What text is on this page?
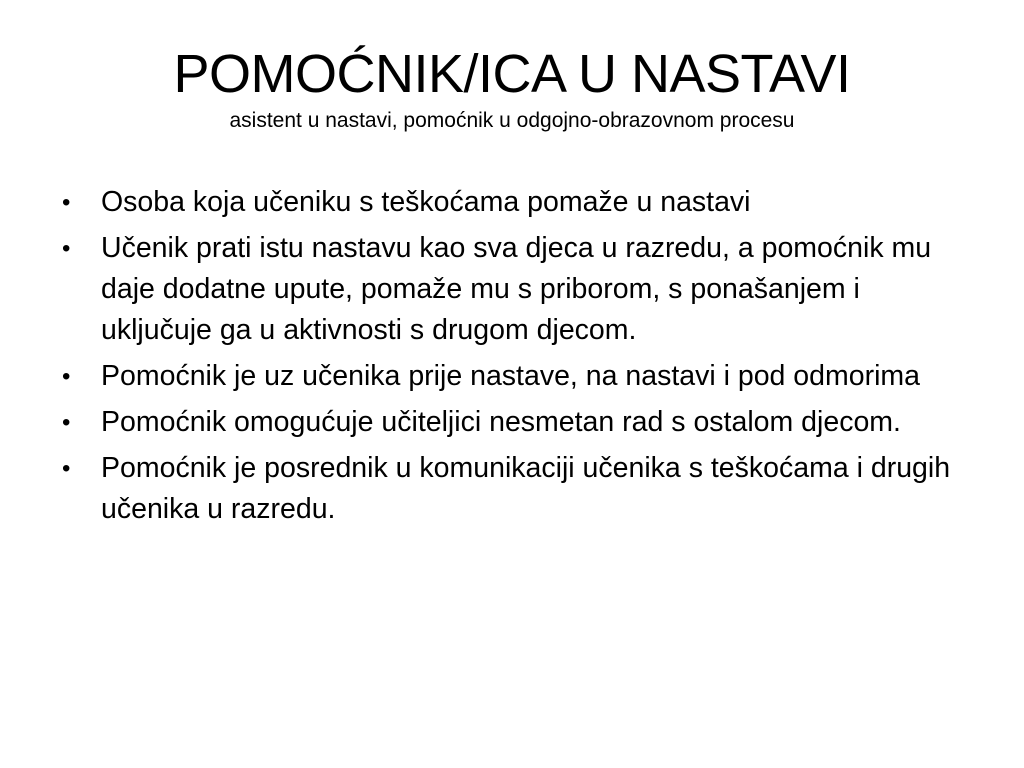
POMOĆNIK/ICA U NASTAVI
asistent u nastavi, pomoćnik u odgojno-obrazovnom procesu
• Osoba koja učeniku s teškoćama pomaže u nastavi
• Učenik prati istu nastavu kao sva djeca u razredu, a pomoćnik mu daje dodatne upute, pomaže mu s priborom, s ponašanjem i uključuje ga u aktivnosti s drugom djecom.
• Pomoćnik je uz učenika prije nastave, na nastavi i pod odmorima
• Pomoćnik omogućuje učiteljici nesmetan rad s ostalom djecom.
• Pomoćnik je posrednik u komunikaciji učenika s teškoćama i drugih učenika u razredu.
